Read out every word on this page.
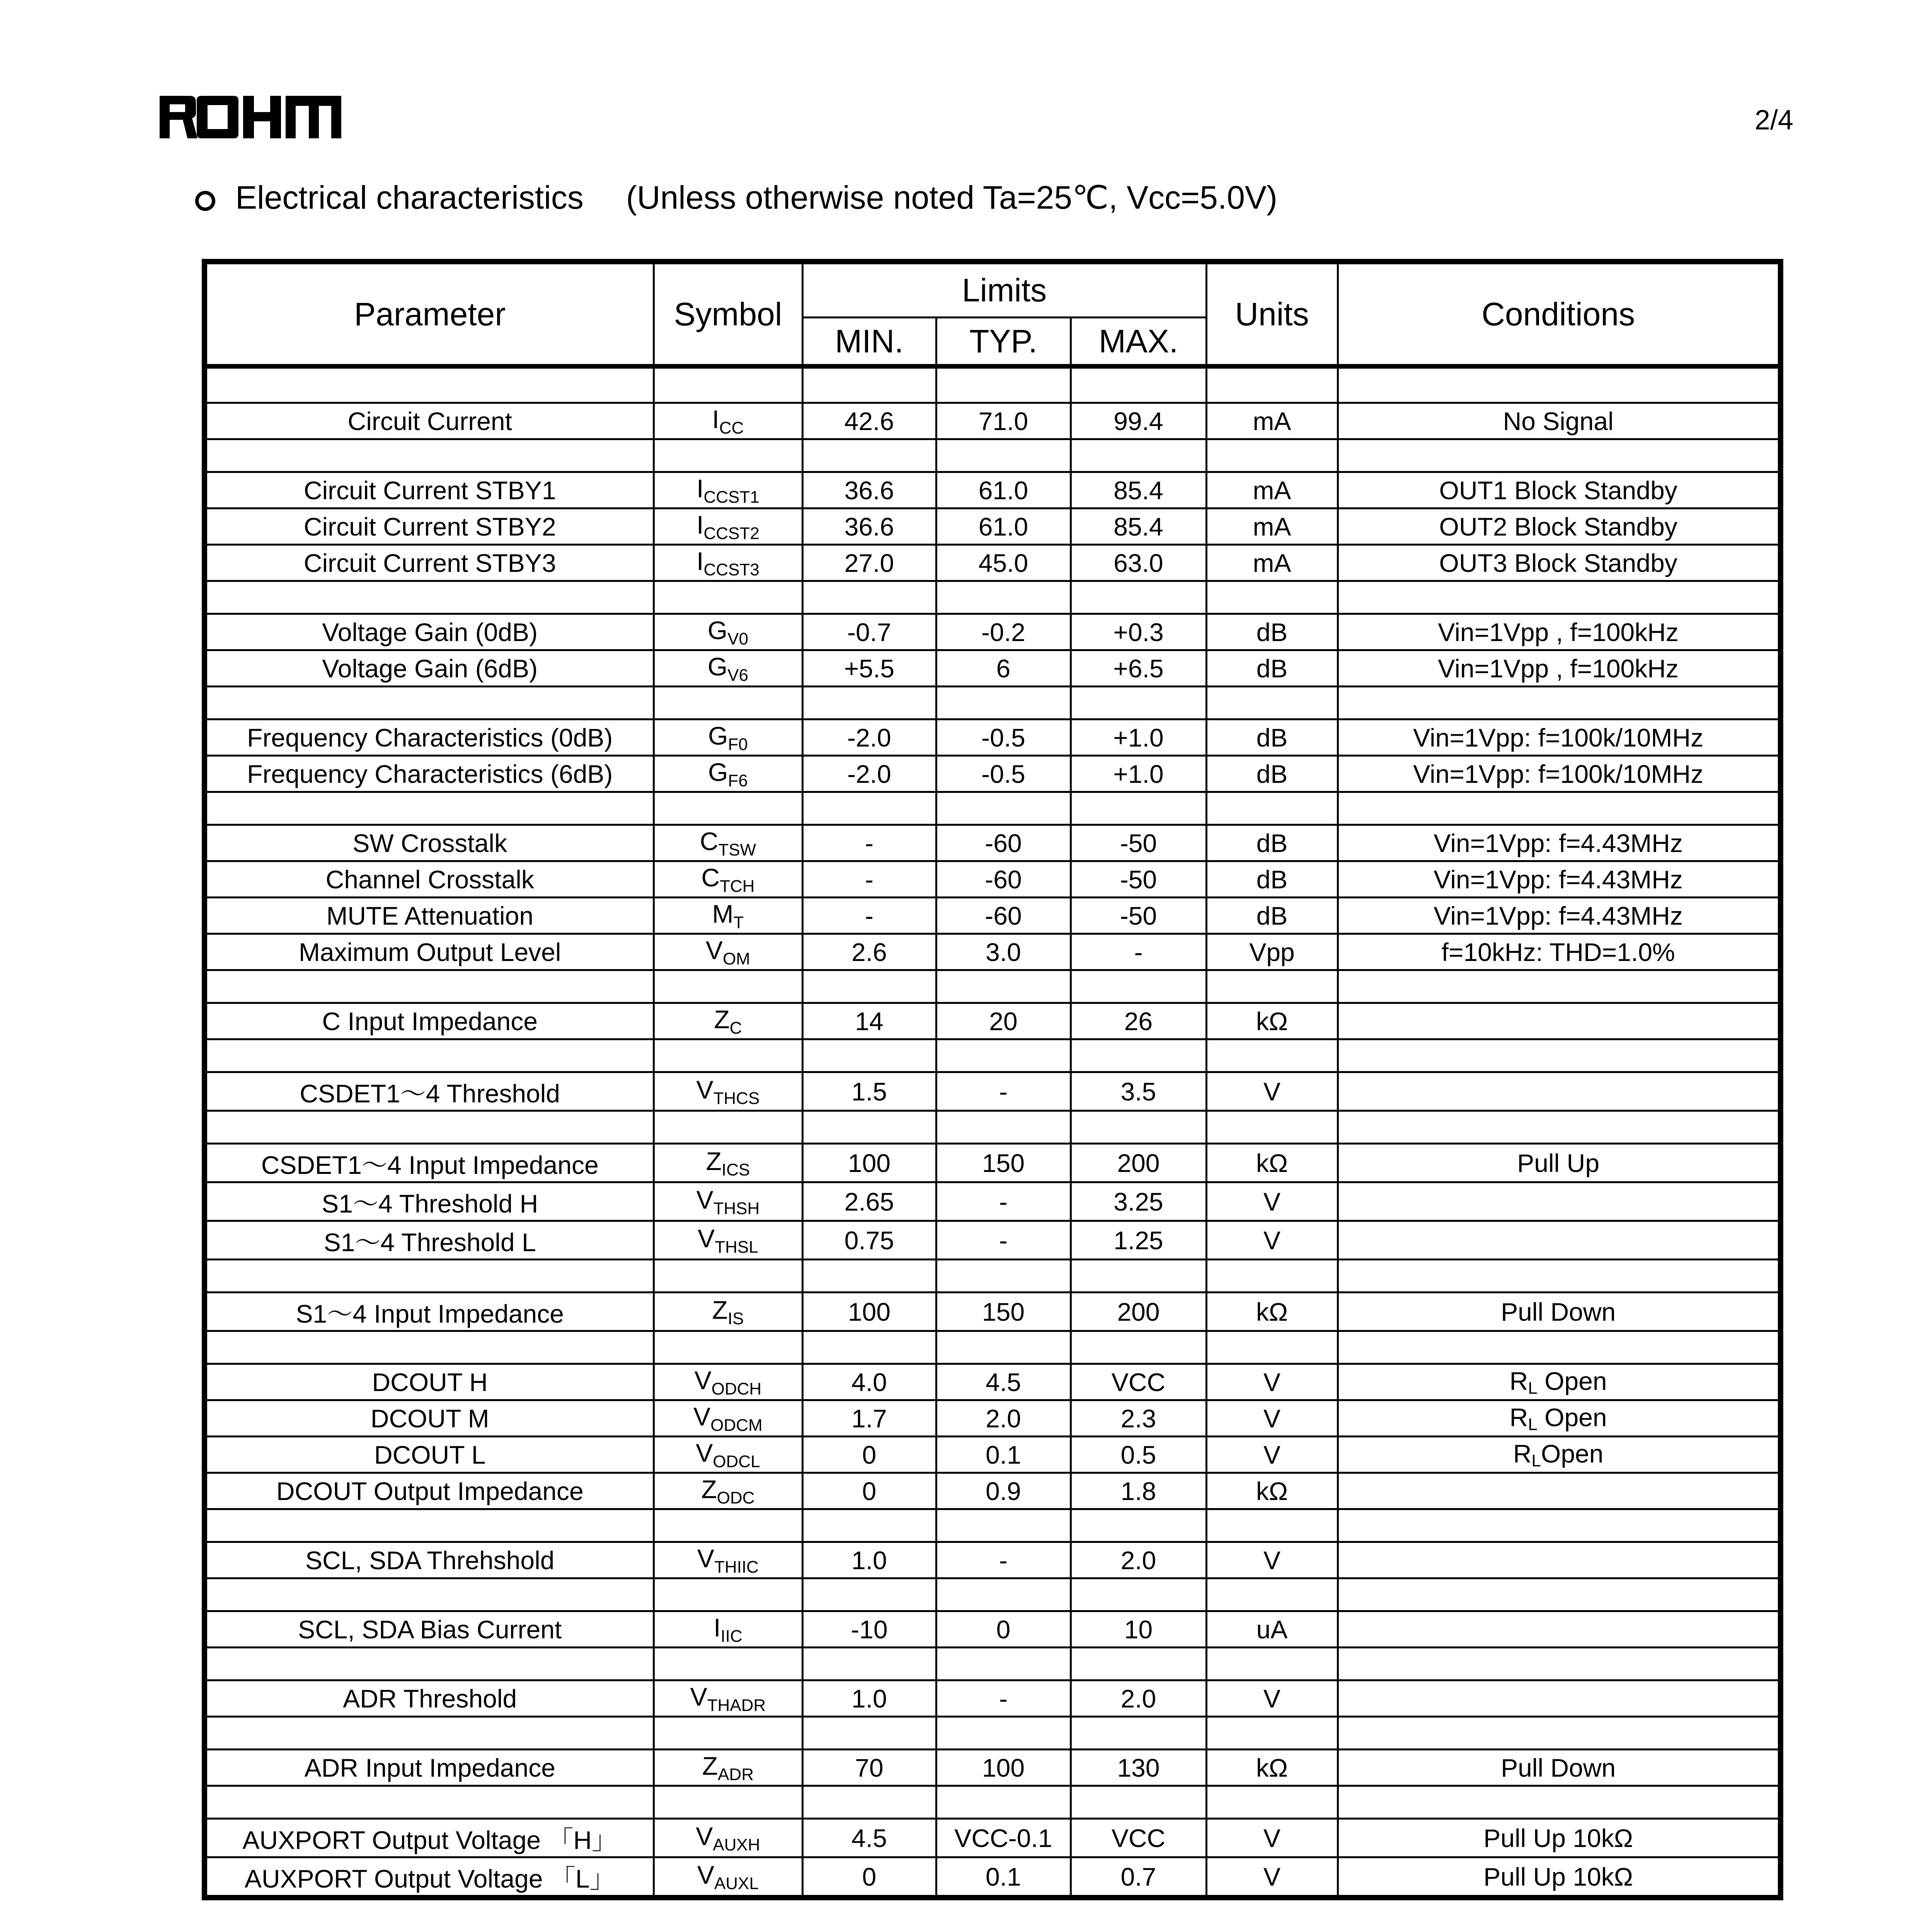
2/4
Electrical characteristics (Unless otherwise noted Ta=25℃, Vcc=5.0V)
Parameter	Symbol	Limits			Units	Conditions
		MIN.	TYP.	MAX.		

Circuit Current	$I_{CC}$	42.6	71.0	99.4	mA	No Signal

Circuit Current STBY1	$I_{CCST1}$	36.6	61.0	85.4	mA	OUT1 Block Standby
Circuit Current STBY2	$I_{CCST2}$	36.6	61.0	85.4	mA	OUT2 Block Standby
Circuit Current STBY3	$I_{CCST3}$	27.0	45.0	63.0	mA	OUT3 Block Standby

Voltage Gain (0dB)	$G_{V0}$	-0.7	-0.2	+0.3	dB	Vin=1Vpp , f=100kHz
Voltage Gain (6dB)	$G_{V6}$	+5.5	6	+6.5	dB	Vin=1Vpp , f=100kHz

Frequency Characteristics (0dB)	$G_{F0}$	-2.0	-0.5	+1.0	dB	Vin=1Vpp: f=100k/10MHz
Frequency Characteristics (6dB)	$G_{F6}$	-2.0	-0.5	+1.0	dB	Vin=1Vpp: f=100k/10MHz

SW Crosstalk	$C_{TSW}$	-	-60	-50	dB	Vin=1Vpp: f=4.43MHz
Channel Crosstalk	$C_{TCH}$	-	-60	-50	dB	Vin=1Vpp: f=4.43MHz
MUTE Attenuation	$M_T$	-	-60	-50	dB	Vin=1Vpp: f=4.43MHz
Maximum Output Level	$V_{OM}$	2.6	3.0	-	Vpp	f=10kHz: THD=1.0%

C Input Impedance	$Z_C$	14	20	26	kΩ	

CSDET1～4 Threshold	$V_{THCS}$	1.5	-	3.5	V	

CSDET1～4 Input Impedance	$Z_{ICS}$	100	150	200	kΩ	Pull Up
S1～4 Threshold H	$V_{THSH}$	2.65	-	3.25	V	
S1～4 Threshold L	$V_{THSL}$	0.75	-	1.25	V	

S1～4 Input Impedance	$Z_{IS}$	100	150	200	kΩ	Pull Down

DCOUT H	$V_{ODCH}$	4.0	4.5	VCC	V	$R_L$ Open
DCOUT M	$V_{ODCM}$	1.7	2.0	2.3	V	$R_L$ Open
DCOUT L	$V_{ODCL}$	0	0.1	0.5	V	$R_LOpen$
DCOUT Output Impedance	$Z_{ODC}$	0	0.9	1.8	kΩ	

SCL, SDA Threhshold	$V_{THIIC}$	1.0	-	2.0	V	

SCL, SDA Bias Current	$I_{IIC}$	-10	0	10	uA	

ADR Threshold	$V_{THADR}$	1.0	-	2.0	V	

ADR Input Impedance	$Z_{ADR}$	70	100	130	kΩ	Pull Down

AUXPORT Output Voltage 「H」	$V_{AUXH}$	4.5	VCC-0.1	VCC	V	Pull Up 10kΩ
AUXPORT Output Voltage 「L」	$V_{AUXL}$	0	0.1	0.7	V	Pull Up 10kΩ
